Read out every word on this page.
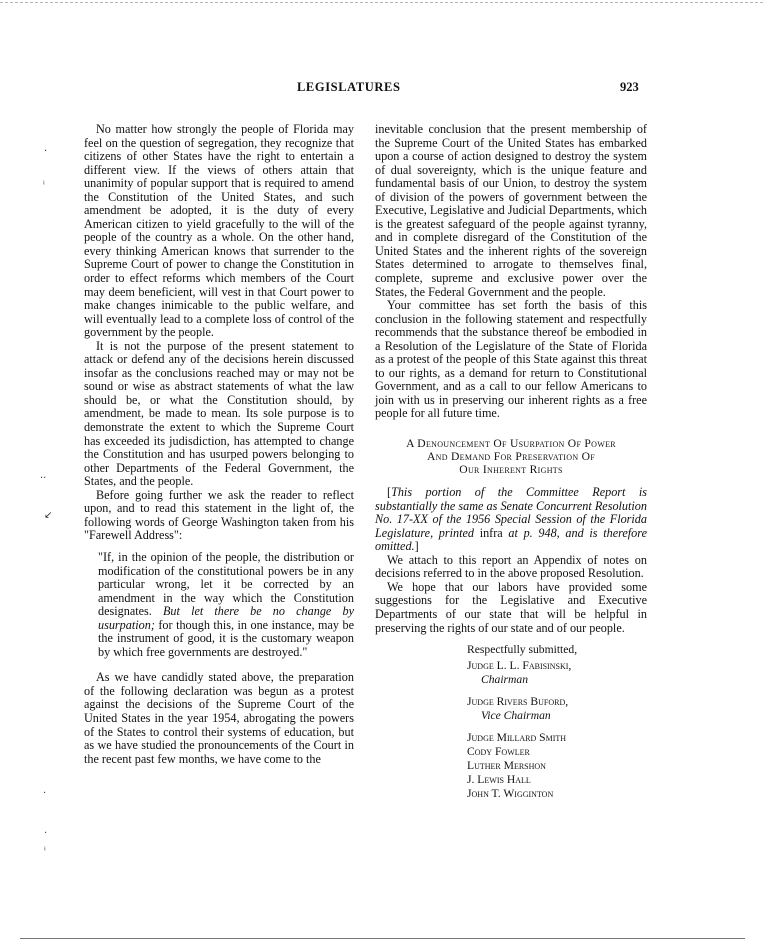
LEGISLATURES	923
·
ⁱ
··
↙
·
·
ⁱ

No matter how strongly the people of Florida may feel on the question of segregation, they recognize that citizens of other States have the right to entertain a different view. If the views of others attain that unanimity of popular support that is required to amend the Constitution of the United States, and such amendment be adopted, it is the duty of every American citizen to yield gracefully to the will of the people of the country as a whole. On the other hand, every thinking American knows that surrender to the Supreme Court of power to change the Constitution in order to effect reforms which members of the Court may deem beneficient, will vest in that Court power to make changes inimicable to the public welfare, and will eventually lead to a complete loss of control of the government by the people.

It is not the purpose of the present statement to attack or defend any of the decisions herein discussed insofar as the conclusions reached may or may not be sound or wise as abstract statements of what the law should be, or what the Constitution should, by amendment, be made to mean. Its sole purpose is to demonstrate the extent to which the Supreme Court has exceeded its judisdiction, has attempted to change the Constitution and has usurped powers belonging to other Departments of the Federal Government, the States, and the people.

Before going further we ask the reader to reflect upon, and to read this statement in the light of, the following words of George Washington taken from his "Farewell Address":

"If, in the opinion of the people, the distribution or modification of the constitutional powers be in any particular wrong, let it be corrected by an amendment in the way which the Constitution designates. But let there be no change by usurpation; for though this, in one instance, may be the instrument of good, it is the customary weapon by which free governments are destroyed."

As we have candidly stated above, the preparation of the following declaration was begun as a protest against the decisions of the Supreme Court of the United States in the year 1954, abrogating the powers of the States to control their systems of education, but as we have studied the pronouncements of the Court in the recent past few months, we have come to the

inevitable conclusion that the present membership of the Supreme Court of the United States has embarked upon a course of action designed to destroy the system of dual sovereignty, which is the unique feature and fundamental basis of our Union, to destroy the system of division of the powers of government between the Executive, Legislative and Judicial Departments, which is the greatest safeguard of the people against tyranny, and in complete disregard of the Constitution of the United States and the inherent rights of the sovereign States determined to arrogate to themselves final, complete, supreme and exclusive power over the States, the Federal Government and the people.

Your committee has set forth the basis of this conclusion in the following statement and respectfully recommends that the substance thereof be embodied in a Resolution of the Legislature of the State of Florida as a protest of the people of this State against this threat to our rights, as a demand for return to Constitutional Government, and as a call to our fellow Americans to join with us in preserving our inherent rights as a free people for all future time.

A Denouncement Of Usurpation Of Power
And Demand For Preservation Of
Our Inherent Rights

[This portion of the Committee Report is substantially the same as Senate Concurrent Resolution No. 17-XX of the 1956 Special Session of the Florida Legislature, printed infra at p. 948, and is therefore omitted.]

We attach to this report an Appendix of notes on decisions referred to in the above proposed Resolution.

We hope that our labors have provided some suggestions for the Legislative and Executive Departments of our state that will be helpful in preserving the rights of our state and of our people.

Respectfully submitted,
Judge L. L. Fabisinski,
Chairman
Judge Rivers Buford,
Vice Chairman
Judge Millard Smith
Cody Fowler
Luther Mershon
J. Lewis Hall
John T. Wigginton
